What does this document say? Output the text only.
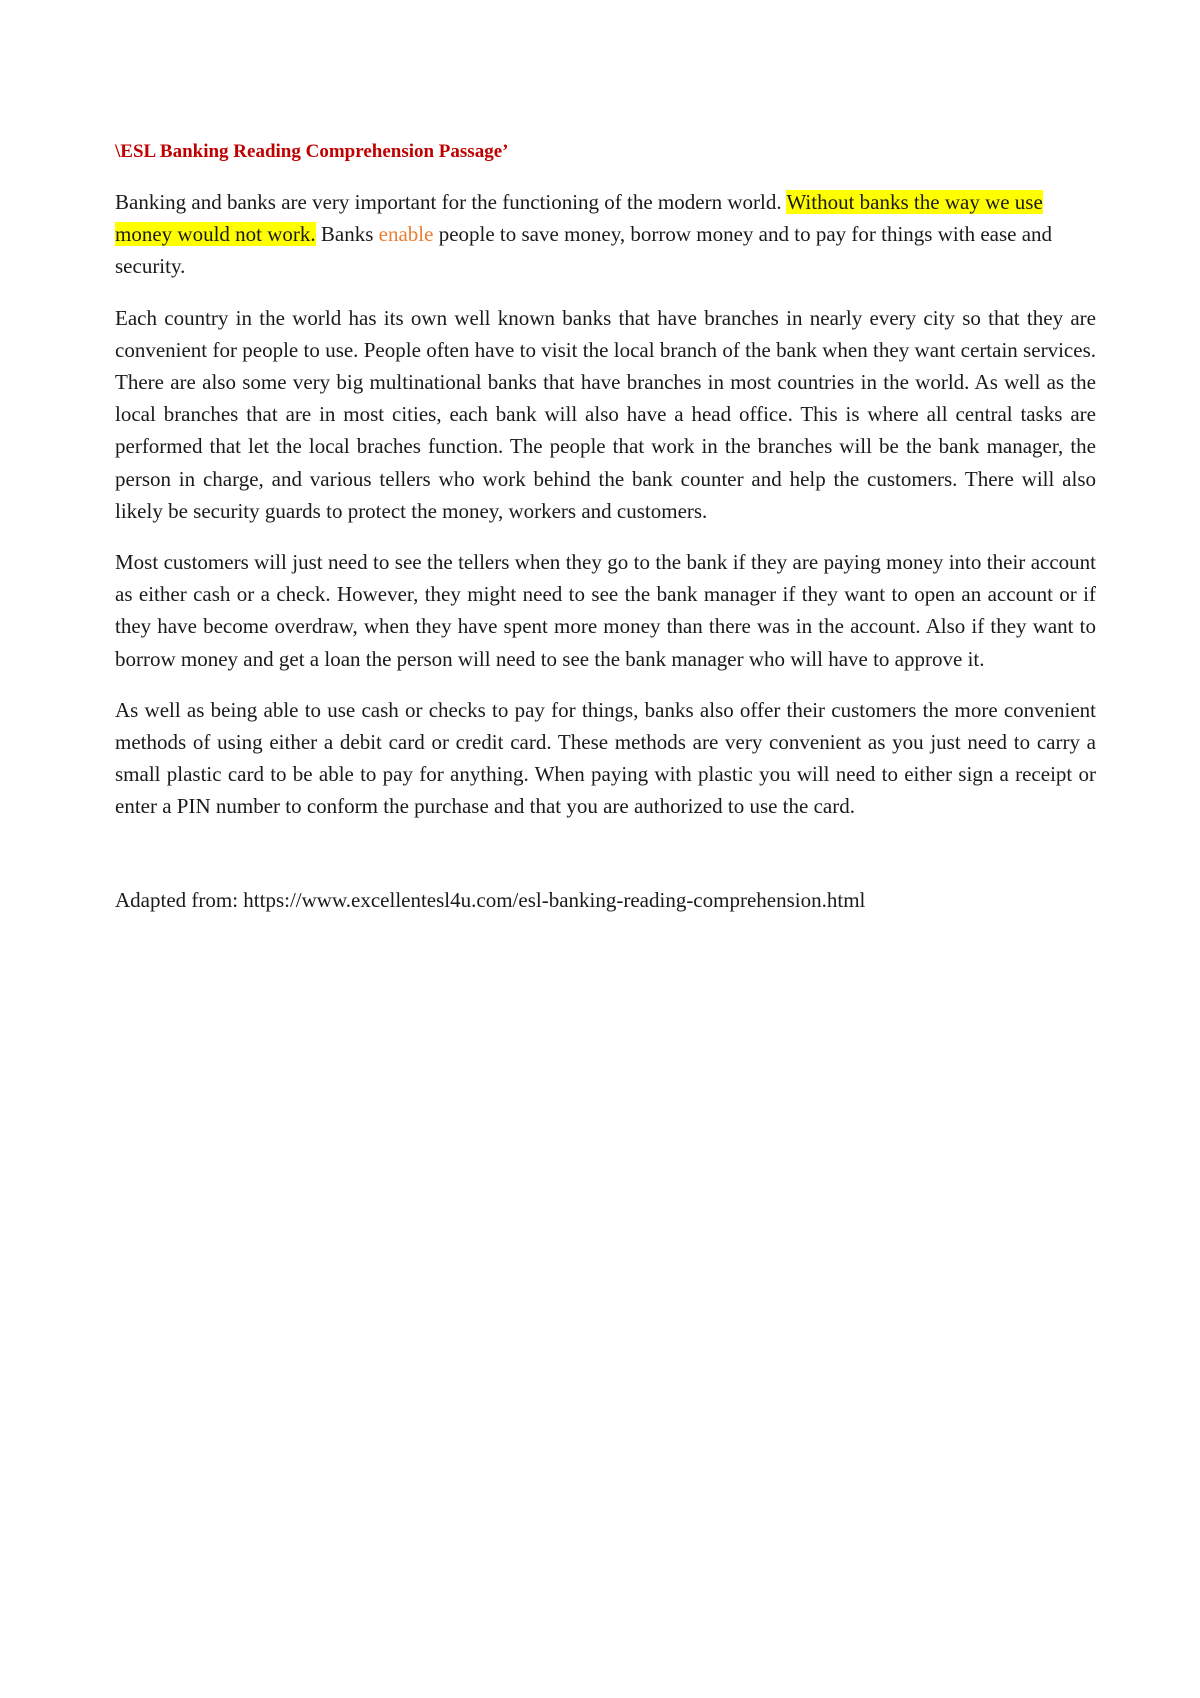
\ESL Banking Reading Comprehension Passage’

Banking and banks are very important for the functioning of the modern world. Without banks the way we use money would not work. Banks enable people to save money, borrow money and to pay for things with ease and security.

Each country in the world has its own well known banks that have branches in nearly every city so that they are convenient for people to use. People often have to visit the local branch of the bank when they want certain services. There are also some very big multinational banks that have branches in most countries in the world. As well as the local branches that are in most cities, each bank will also have a head office. This is where all central tasks are performed that let the local braches function. The people that work in the branches will be the bank manager, the person in charge, and various tellers who work behind the bank counter and help the customers. There will also likely be security guards to protect the money, workers and customers.

Most customers will just need to see the tellers when they go to the bank if they are paying money into their account as either cash or a check. However, they might need to see the bank manager if they want to open an account or if they have become overdraw, when they have spent more money than there was in the account. Also if they want to borrow money and get a loan the person will need to see the bank manager who will have to approve it.

As well as being able to use cash or checks to pay for things, banks also offer their customers the more convenient methods of using either a debit card or credit card. These methods are very convenient as you just need to carry a small plastic card to be able to pay for anything. When paying with plastic you will need to either sign a receipt or enter a PIN number to conform the purchase and that you are authorized to use the card.

Adapted from: https://www.excellentesl4u.com/esl-banking-reading-comprehension.html
